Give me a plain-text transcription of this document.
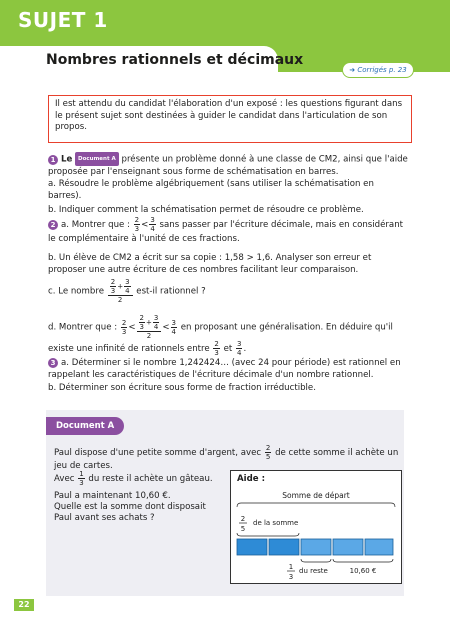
SUJET 1
Nombres rationnels et décimaux
➜ Corrigés p. 23
Il est attendu du candidat l'élaboration d'un exposé : les questions figurant dans le présent sujet sont destinées à guider le candidat dans l'articulation de son propos.
1 Le Document A présente un problème donné à une classe de CM2, ainsi que l'aide proposée par l'enseignant sous forme de schématisation en barres.
a. Résoudre le problème algébriquement (sans utiliser la schématisation en barres).
b. Indiquer comment la schématisation permet de résoudre ce problème.
2 a. Montrer que : $\frac{2}{3} < \frac{3}{4}$ sans passer par l'écriture décimale, mais en considérant le complémentaire à l'unité de ces fractions.
b. Un élève de CM2 a écrit sur sa copie : 1,58 > 1,6. Analyser son erreur et proposer une autre écriture de ces nombres facilitant leur comparaison.
c. Le nombre $\frac{\frac{2}{3} + \frac{3}{4}}{2} est-il$ rationnel ?
d. Montrer que : $\frac{2}{3} < \frac{\frac{2}{3} + \frac{3}{4}}{2} < \frac{3}{4}$ en proposant une généralisation. En déduire qu'il existe une infinité de rationnels entre $\frac{2}{3}$ et $\frac{3}{4}$ .
3 a. Déterminer si le nombre 1,242424… (avec 24 pour période) est rationnel en rappelant les caractéristiques de l'écriture décimale d'un nombre rationnel.
b. Déterminer son écriture sous forme de fraction irréductible.
Document A
Paul dispose d'une petite somme d'argent, avec $\frac{2}{5}$ de cette somme il achète un jeu de cartes.
Avec $\frac{1}{3}$ du reste il achète un gâteau.
Paul a maintenant 10,60 €.
Quelle est la somme dont disposait
Paul avant ses achats ?
Aide :
Somme de départ
2
5
de la somme
1
3
du reste	10,60 €
22
